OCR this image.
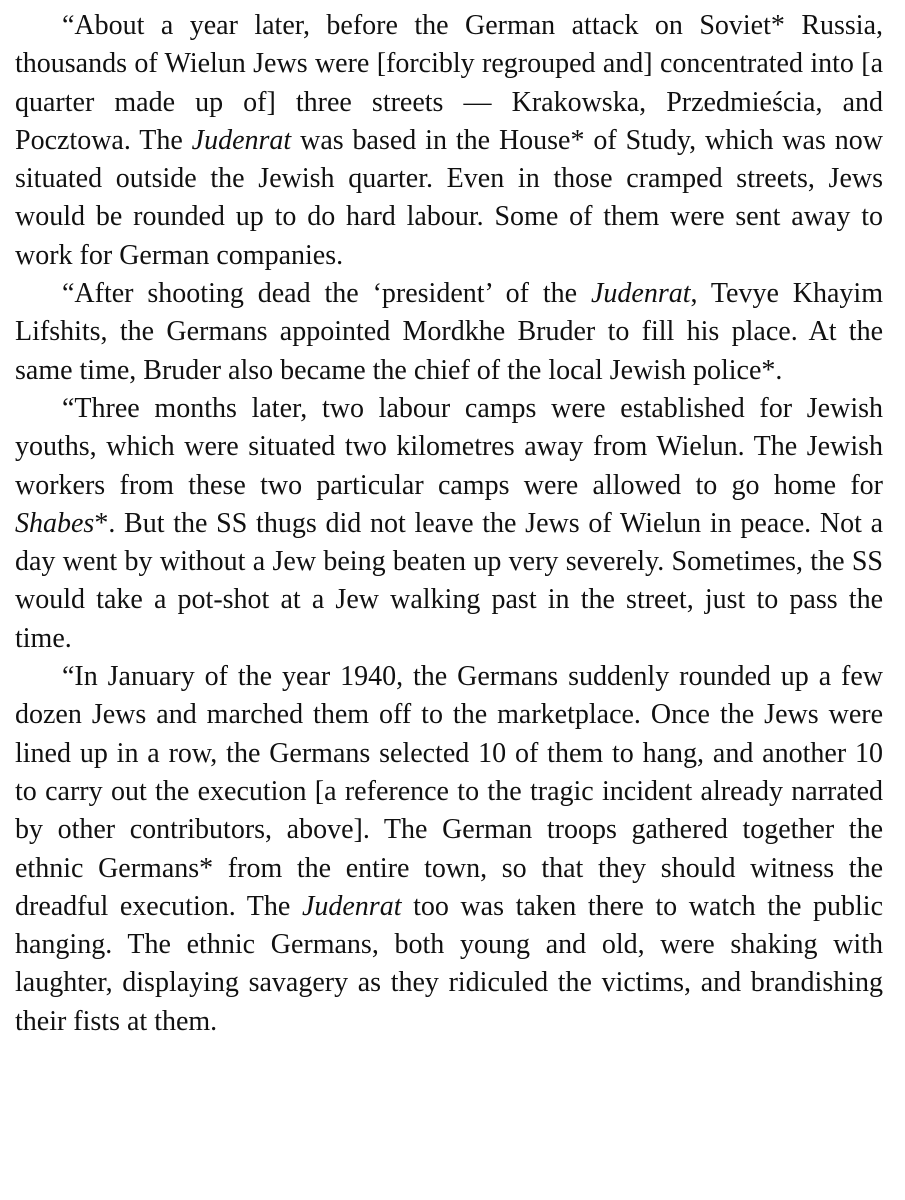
“About a year later, before the German attack on Soviet* Russia, thousands of Wielun Jews were [forcibly regrouped and] concentrated into [a quarter made up of] three streets — Krakowska, Przedmieścia, and Pocztowa. The Judenrat was based in the House* of Study, which was now situated outside the Jewish quarter. Even in those cramped streets, Jews would be rounded up to do hard labour. Some of them were sent away to work for German companies.

“After shooting dead the ‘president’ of the Judenrat, Tevye Khayim Lifshits, the Germans appointed Mordkhe Bruder to fill his place. At the same time, Bruder also became the chief of the local Jewish police*.

“Three months later, two labour camps were established for Jewish youths, which were situated two kilometres away from Wielun. The Jewish workers from these two particular camps were allowed to go home for Shabes*. But the SS thugs did not leave the Jews of Wielun in peace. Not a day went by without a Jew being beaten up very severely. Sometimes, the SS would take a pot-shot at a Jew walking past in the street, just to pass the time.

“In January of the year 1940, the Germans suddenly rounded up a few dozen Jews and marched them off to the marketplace. Once the Jews were lined up in a row, the Germans selected 10 of them to hang, and another 10 to carry out the execution [a reference to the tragic incident already narrated by other contributors, above]. The German troops gathered together the ethnic Germans* from the entire town, so that they should witness the dreadful execution. The Judenrat too was taken there to watch the public hanging. The ethnic Germans, both young and old, were shaking with laughter, displaying savagery as they ridiculed the victims, and brandishing their fists at them.
